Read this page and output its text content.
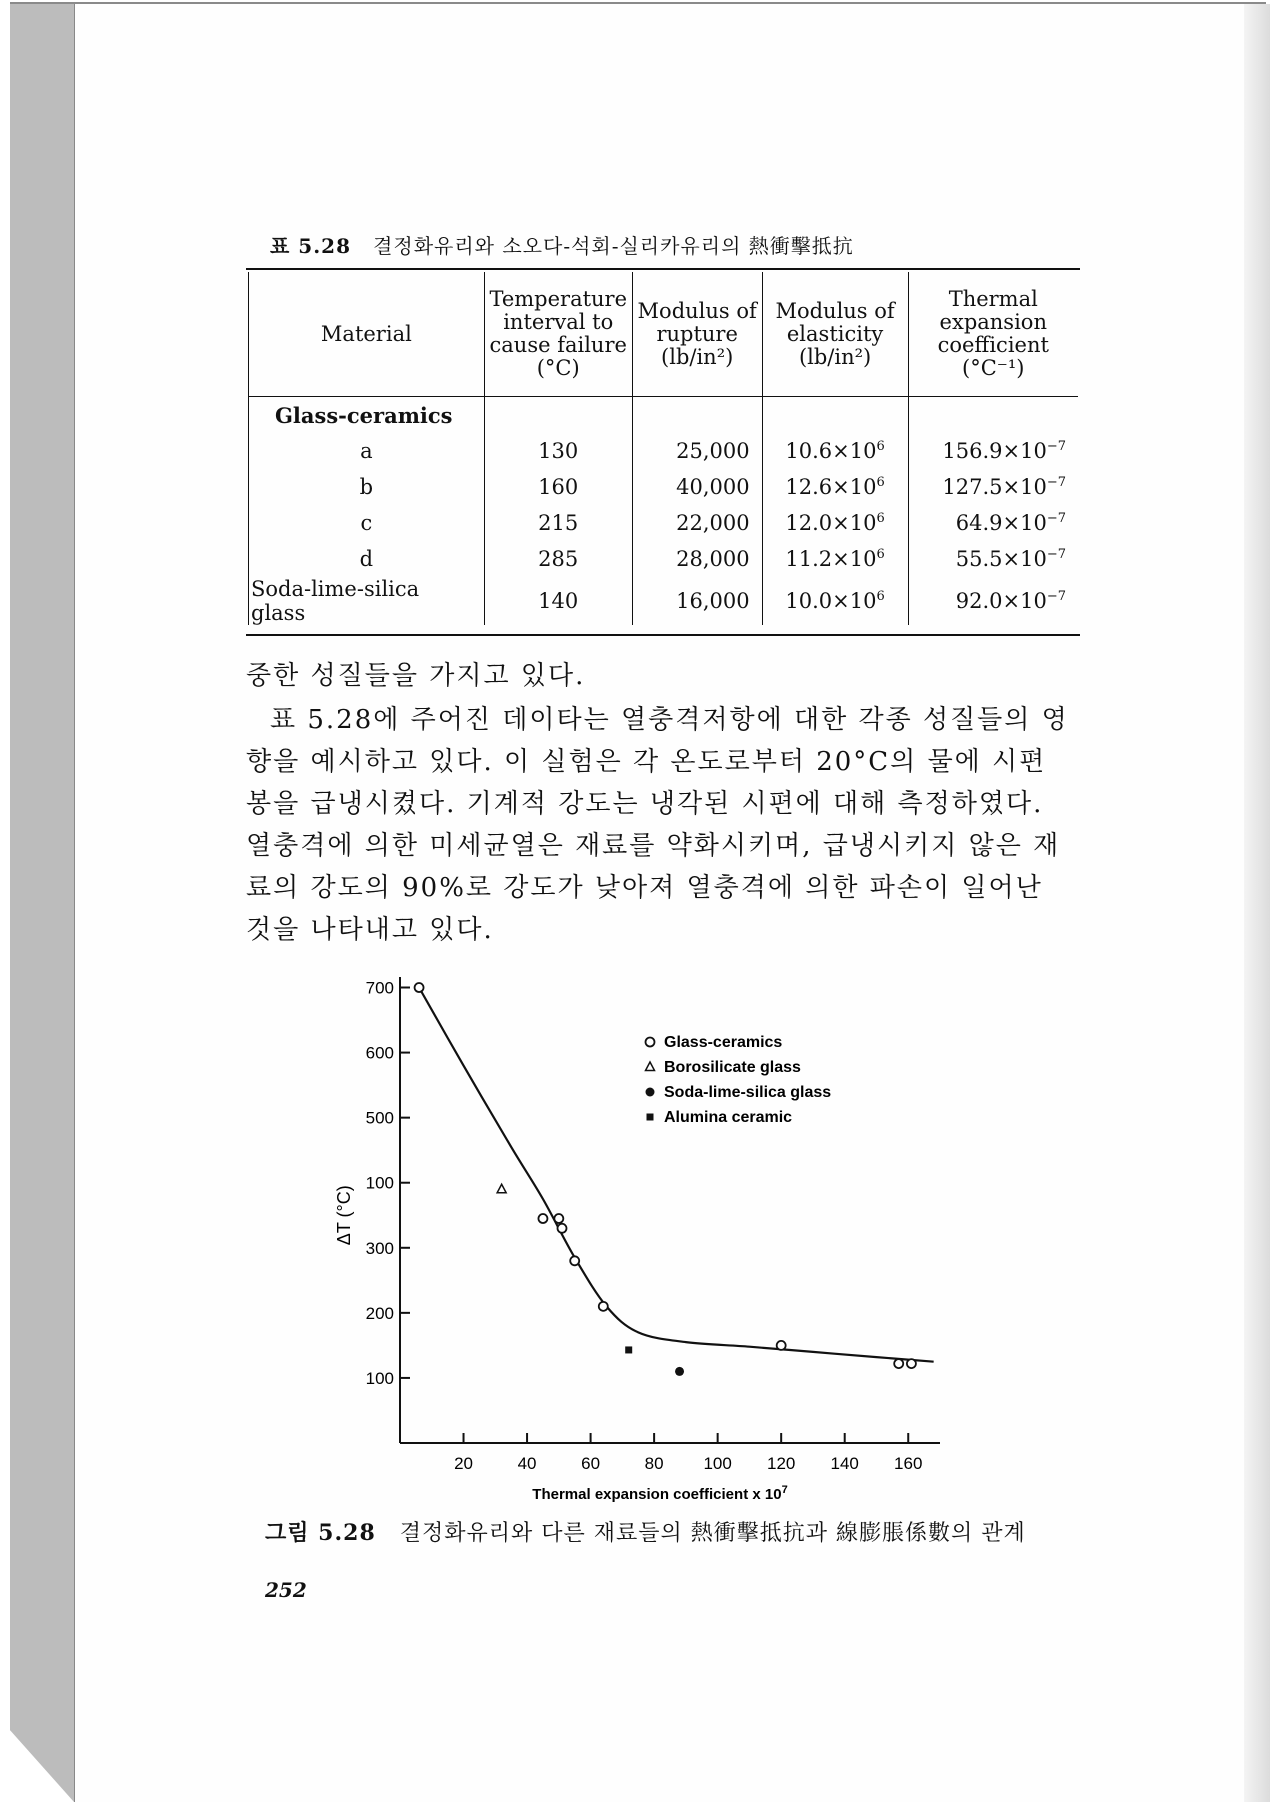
표 5.28 결정화유리와 소오다-석회-실리카유리의 熱衝擊抵抗
Material	Temperature interval to cause failure (°C)	Modulus of rupture (lb/in²)	Modulus of elasticity (lb/in²)	Thermal expansion coefficient (°C⁻¹)
Glass-ceramics				
a	130	25,000	$10.6\times 10^6$	$156.9\times 10^{-7}$
b	160	40,000	$12.6\times 10^6$	$127.5\times 10^{-7}$
c	215	22,000	$12.0\times 10^6$	$64.9\times 10^{-7}$
d	285	28,000	$11.2\times 10^6$	$55.5\times 10^{-7}$
Soda-lime-silica glass	140	16,000	$10.0\times 10^6$	$92.0\times 10^{-7}$
중한 성질들을 가지고 있다.
표 5.28에 주어진 데이타는 열충격저항에 대한 각종 성질들의 영
향을 예시하고 있다. 이 실험은 각 온도로부터 20°C의 물에 시편
봉을 급냉시켰다. 기계적 강도는 냉각된 시편에 대해 측정하였다.
열충격에 의한 미세균열은 재료를 약화시키며, 급냉시키지 않은 재
료의 강도의 90%로 강도가 낮아져 열충격에 의한 파손이 일어난
것을 나타내고 있다.
20	40	60	80 100 120 140 160
100
200
300
100
500
600
700
Thermal expansion coefficient x $10^7$
ΔT (°C)
Glass-ceramics
Borosilicate glass
Soda-lime-silica glass
Alumina ceramic
그림 5.28 결정화유리와 다른 재료들의 熱衝擊抵抗과 線膨脹係數의 관계
252
